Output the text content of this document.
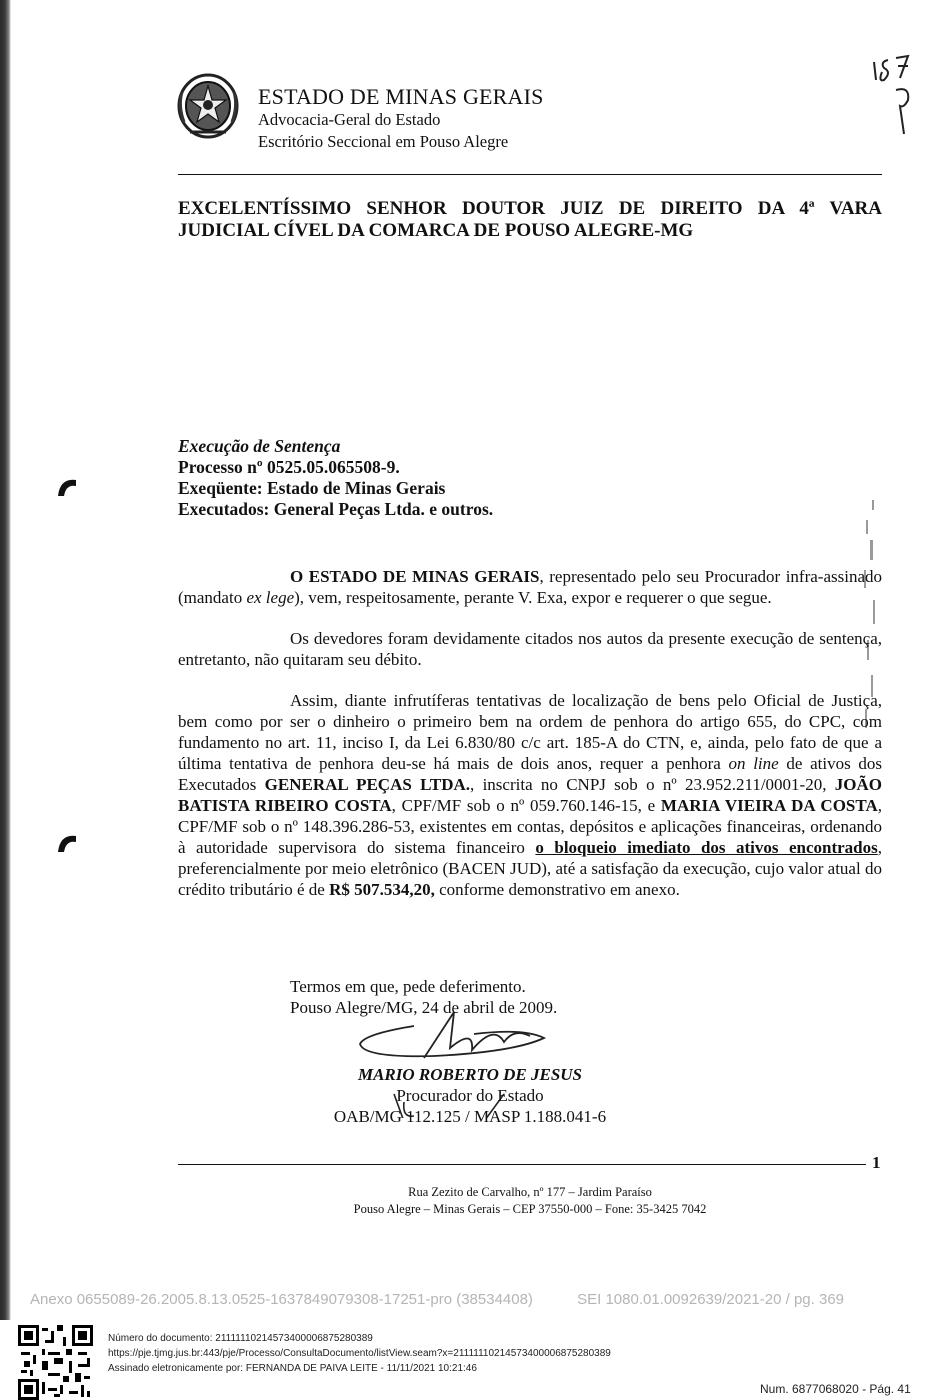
ESTADO DE MINAS GERAIS
Advocacia-Geral do Estado
Escritório Seccional em Pouso Alegre
EXCELENTÍSSIMO SENHOR DOUTOR JUIZ DE DIREITO DA 4ª VARA
JUDICIAL CÍVEL DA COMARCA DE POUSO ALEGRE-MG
Execução de Sentença
Processo nº 0525.05.065508-9.
Exeqüente: Estado de Minas Gerais
Executados: General Peças Ltda. e outros.

O ESTADO DE MINAS GERAIS, representado pelo seu Procurador infra-assinado (mandato ex lege), vem, respeitosamente, perante V. Exa, expor e requerer o que segue.

Os devedores foram devidamente citados nos autos da presente execução de sentença, entretanto, não quitaram seu débito.

Assim, diante infrutíferas tentativas de localização de bens pelo Oficial de Justiça, bem como por ser o dinheiro o primeiro bem na ordem de penhora do artigo 655, do CPC, com fundamento no art. 11, inciso I, da Lei 6.830/80 c/c art. 185-A do CTN, e, ainda, pelo fato de que a última tentativa de penhora deu-se há mais de dois anos, requer a penhora on line de ativos dos Executados GENERAL PEÇAS LTDA., inscrita no CNPJ sob o nº 23.952.211/0001-20, JOÃO BATISTA RIBEIRO COSTA, CPF/MF sob o nº 059.760.146-15, e MARIA VIEIRA DA COSTA, CPF/MF sob o nº 148.396.286-53, existentes em contas, depósitos e aplicações financeiras, ordenando à autoridade supervisora do sistema financeiro o bloqueio imediato dos ativos encontrados, preferencialmente por meio eletrônico (BACEN JUD), até a satisfação da execução, cujo valor atual do crédito tributário é de R$ 507.534,20, conforme demonstrativo em anexo.

Termos em que, pede deferimento.
Pouso Alegre/MG, 24 de abril de 2009.
MARIO ROBERTO DE JESUS
Procurador do Estado
OAB/MG 112.125 / MASP 1.188.041-6
1
Rua Zezito de Carvalho, nº 177 – Jardim Paraíso
Pouso Alegre – Minas Gerais – CEP 37550-000 – Fone: 35-3425 7042
Anexo 0655089-26.2005.8.13.0525-1637849079308-17251-pro (38534408)	SEI 1080.01.0092639/2021-20 / pg. 369
Número do documento: 21111110214573400006875280389
https://pje.tjmg.jus.br:443/pje/Processo/ConsultaDocumento/listView.seam?x=21111110214573400006875280389
Assinado eletronicamente por: FERNANDA DE PAIVA LEITE - 11/11/2021 10:21:46
Num. 6877068020 - Pág. 41
